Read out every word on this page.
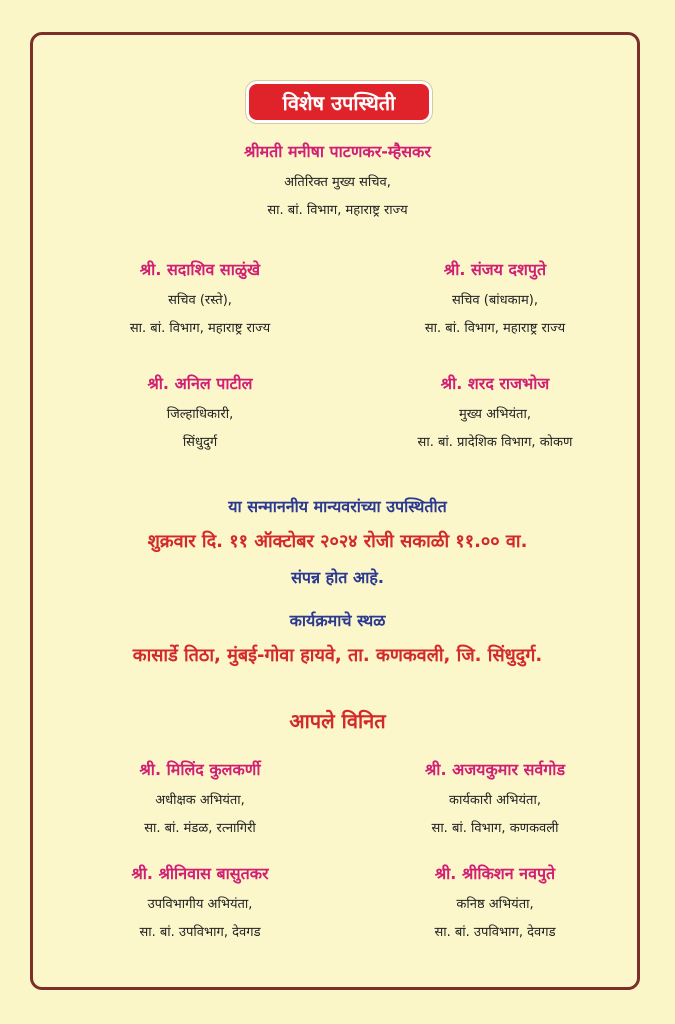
विशेष उपस्थिती
श्रीमती मनीषा पाटणकर-म्हैसकर
अतिरिक्त मुख्य सचिव,
सा. बां. विभाग, महाराष्ट्र राज्य
श्री. सदाशिव साळुंखे
सचिव (रस्ते),
सा. बां. विभाग, महाराष्ट्र राज्य
श्री. संजय दशपुते
सचिव (बांधकाम),
सा. बां. विभाग, महाराष्ट्र राज्य
श्री. अनिल पाटील
जिल्हाधिकारी,
सिंधुदुर्ग
श्री. शरद राजभोज
मुख्य अभियंता,
सा. बां. प्रादेशिक विभाग, कोकण
या सन्माननीय मान्यवरांच्या उपस्थितीत
शुक्रवार दि. ११ ऑक्टोबर २०२४ रोजी सकाळी ११.०० वा.
संपन्न होत आहे.
कार्यक्रमाचे स्थळ
कासार्डे तिठा, मुंबई-गोवा हायवे, ता. कणकवली, जि. सिंधुदुर्ग.
आपले विनित
श्री. मिलिंद कुलकर्णी
अधीक्षक अभियंता,
सा. बां. मंडळ, रत्नागिरी
श्री. अजयकुमार सर्वगोड
कार्यकारी अभियंता,
सा. बां. विभाग, कणकवली
श्री. श्रीनिवास बासुतकर
उपविभागीय अभियंता,
सा. बां. उपविभाग, देवगड
श्री. श्रीकिशन नवपुते
कनिष्ठ अभियंता,
सा. बां. उपविभाग, देवगड
